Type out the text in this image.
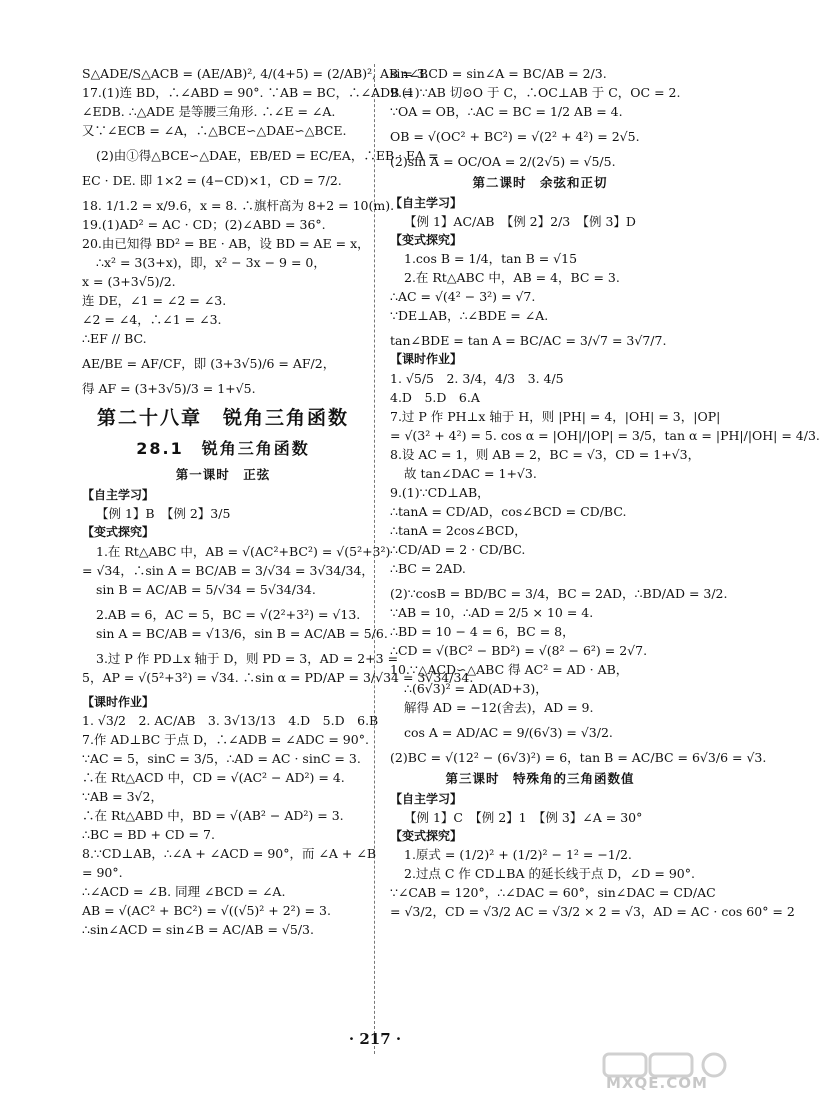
S△ADE/S△ACB = (AE/AB)², 4/(4+5) = (2/AB)², AB = 3.
17.(1)连 BD，∴∠ABD = 90°. ∵AB = BC，∴∠ADB =
∠EDB. ∴△ADE 是等腰三角形. ∴∠E = ∠A.
又∵∠ECB = ∠A，∴△BCE∽△DAE∽△BCE.
(2)由①得△BCE∽△DAE，EB/ED = EC/EA，∴EB · EA =
EC · DE. 即 1×2 = (4−CD)×1，CD = 7/2.
18. 1/1.2 = x/9.6，x = 8. ∴旗杆高为 8+2 = 10(m).
19.(1)AD² = AC · CD；(2)∠ABD = 36°.
20.由已知得 BD² = BE · AB，设 BD = AE = x，
∴x² = 3(3+x)，即，x² − 3x − 9 = 0，
x = (3+3√5)/2.
连 DE，∠1 = ∠2 = ∠3.
∠2 = ∠4，∴∠1 = ∠3.
∴EF // BC.
AE/BE = AF/CF，即 (3+3√5)/6 = AF/2，
得 AF = (3+3√5)/3 = 1+√5.
第二十八章　锐角三角函数
28.1　锐角三角函数
第一课时　正弦
【自主学习】
【例 1】B　【例 2】3/5
【变式探究】
1.在 Rt△ABC 中，AB = √(AC²+BC²) = √(5²+3²)
= √34，∴sin A = BC/AB = 3/√34 = 3√34/34，
sin B = AC/AB = 5/√34 = 5√34/34.
2.AB = 6，AC = 5，BC = √(2²+3²) = √13.
sin A = BC/AB = √13/6，sin B = AC/AB = 5/6.
3.过 P 作 PD⊥x 轴于 D，则 PD = 3，AD = 2+3 =
5，AP = √(5²+3²) = √34. ∴sin α = PD/AP = 3/√34 = 3√34/34.
【课时作业】
1. √3/2　2. AC/AB　3. 3√13/13　4.D　5.D　6.B
7.作 AD⊥BC 于点 D，∴∠ADB = ∠ADC = 90°.
∵AC = 5，sinC = 3/5，∴AD = AC · sinC = 3.
∴在 Rt△ACD 中，CD = √(AC² − AD²) = 4.
∵AB = 3√2，
∴在 Rt△ABD 中，BD = √(AB² − AD²) = 3.
∴BC = BD + CD = 7.
8.∵CD⊥AB，∴∠A + ∠ACD = 90°，而 ∠A + ∠B
= 90°.
∴∠ACD = ∠B. 同理 ∠BCD = ∠A.
AB = √(AC² + BC²) = √((√5)² + 2²) = 3.
∴sin∠ACD = sin∠B = AC/AB = √5/3.
sin∠BCD = sin∠A = BC/AB = 2/3.
9.(1)∵AB 切⊙O 于 C，∴OC⊥AB 于 C，OC = 2.
∵OA = OB，∴AC = BC = 1/2 AB = 4.
OB = √(OC² + BC²) = √(2² + 4²) = 2√5.
(2)sin A = OC/OA = 2/(2√5) = √5/5.
第二课时　余弦和正切
【自主学习】
【例 1】AC/AB　【例 2】2/3　【例 3】D
【变式探究】
1.cos B = 1/4，tan B = √15
2.在 Rt△ABC 中，AB = 4，BC = 3.
∴AC = √(4² − 3²) = √7.
∵DE⊥AB，∴∠BDE = ∠A.
tan∠BDE = tan A = BC/AC = 3/√7 = 3√7/7.
【课时作业】
1. √5/5　2. 3/4，4/3　3. 4/5
4.D　5.D　6.A
7.过 P 作 PH⊥x 轴于 H，则 |PH| = 4，|OH| = 3，|OP|
= √(3² + 4²) = 5. cos α = |OH|/|OP| = 3/5，tan α = |PH|/|OH| = 4/3.
8.设 AC = 1，则 AB = 2，BC = √3，CD = 1+√3，
故 tan∠DAC = 1+√3.
9.(1)∵CD⊥AB，
∴tanA = CD/AD，cos∠BCD = CD/BC.
∴tanA = 2cos∠BCD，
∴CD/AD = 2 · CD/BC.
∴BC = 2AD.
(2)∵cosB = BD/BC = 3/4，BC = 2AD，∴BD/AD = 3/2.
∵AB = 10，∴AD = 2/5 × 10 = 4.
∴BD = 10 − 4 = 6，BC = 8，
∴CD = √(BC² − BD²) = √(8² − 6²) = 2√7.
10.∵△ACD∽△ABC 得 AC² = AD · AB，
∴(6√3)² = AD(AD+3)，
解得 AD = −12(舍去)，AD = 9.
cos A = AD/AC = 9/(6√3) = √3/2.
(2)BC = √(12² − (6√3)²) = 6，tan B = AC/BC = 6√3/6 = √3.
第三课时　特殊角的三角函数值
【自主学习】
【例 1】C　【例 2】1　【例 3】∠A = 30°
【变式探究】
1.原式 = (1/2)² + (1/2)² − 1² = −1/2.
2.过点 C 作 CD⊥BA 的延长线于点 D，∠D = 90°.
∵∠CAB = 120°，∴∠DAC = 60°，sin∠DAC = CD/AC
= √3/2，CD = √3/2 AC = √3/2 × 2 = √3，AD = AC · cos 60° = 2
· 217 ·
MXQE.COM
